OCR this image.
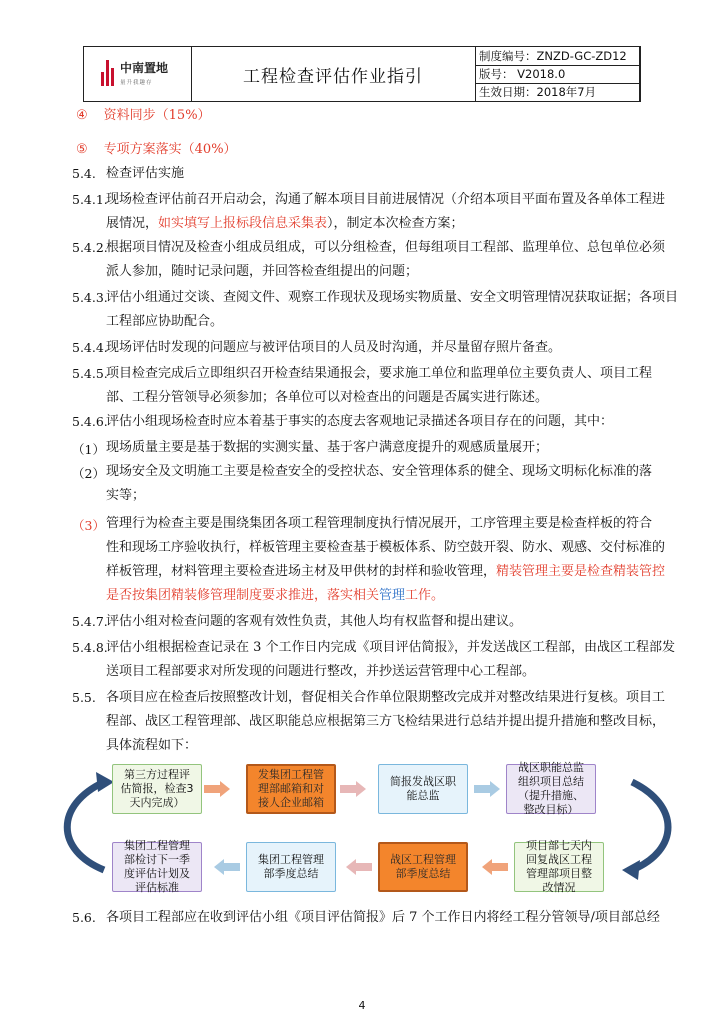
中南置地
量升我趣存	工程检查评估作业指引
制度编号：ZNZD-GC-ZD12
版号： V2018.0
生效日期：2018年7月
④ 资料同步（15%）
⑤ 专项方案落实（40%）
5.4. 检查评估实施
5.4.1.
现场检查评估前召开启动会，沟通了解本项目目前进展情况（介绍本项目平面布置及各单体工程进
展情况，如实填写上报标段信息采集表），制定本次检查方案；
5.4.2.
根据项目情况及检查小组成员组成，可以分组检查，但每组项目工程部、监理单位、总包单位必须
派人参加，随时记录问题，并回答检查组提出的问题；
5.4.3.
评估小组通过交谈、查阅文件、观察工作现状及现场实物质量、安全文明管理情况获取证据；各项目
工程部应协助配合。
5.4.4.
现场评估时发现的问题应与被评估项目的人员及时沟通，并尽量留存照片备查。
5.4.5.
项目检查完成后立即组织召开检查结果通报会，要求施工单位和监理单位主要负责人、项目工程
部、工程分管领导必须参加；各单位可以对检查出的问题是否属实进行陈述。
5.4.6.
评估小组现场检查时应本着基于事实的态度去客观地记录描述各项目存在的问题，其中：
（1） 现场质量主要是基于数据的实测实量、基于客户满意度提升的观感质量展开；
（2） 现场安全及文明施工主要是检查安全的受控状态、安全管理体系的健全、现场文明标化标准的落
实等；
（3） 管理行为检查主要是围绕集团各项工程管理制度执行情况展开，工序管理主要是检查样板的符合
性和现场工序验收执行，样板管理主要检查基于模板体系、防空鼓开裂、防水、观感、交付标准的
样板管理，材料管理主要检查进场主材及甲供材的封样和验收管理，精装管理主要是检查精装管控
是否按集团精装修管理制度要求推进，落实相关管理工作。
5.4.7.
评估小组对检查问题的客观有效性负责，其他人均有权监督和提出建议。
5.4.8.
评估小组根据检查记录在 3 个工作日内完成《项目评估简报》，并发送战区工程部，由战区工程部发
送项目工程部要求对所发现的问题进行整改，并抄送运营管理中心工程部。
5.5. 各项目应在检查后按照整改计划，督促相关合作单位限期整改完成并对整改结果进行复核。项目工
程部、战区工程管理部、战区职能总应根据第三方飞检结果进行总结并提出提升措施和整改目标，
具体流程如下：
第三方过程评估简报，检查3天内完成）
发集团工程管理部邮箱和对接人企业邮箱
简报发战区职能总监
战区职能总监组织项目总结（提升措施、整改目标）
项目部七天内回复战区工程管理部项目整改情况
战区工程管理部季度总结
集团工程管理部季度总结
集团工程管理部检讨下一季度评估计划及评估标准
5.6. 各项目工程部应在收到评估小组《项目评估简报》后 7 个工作日内将经工程分管领导/项目部总经
4
